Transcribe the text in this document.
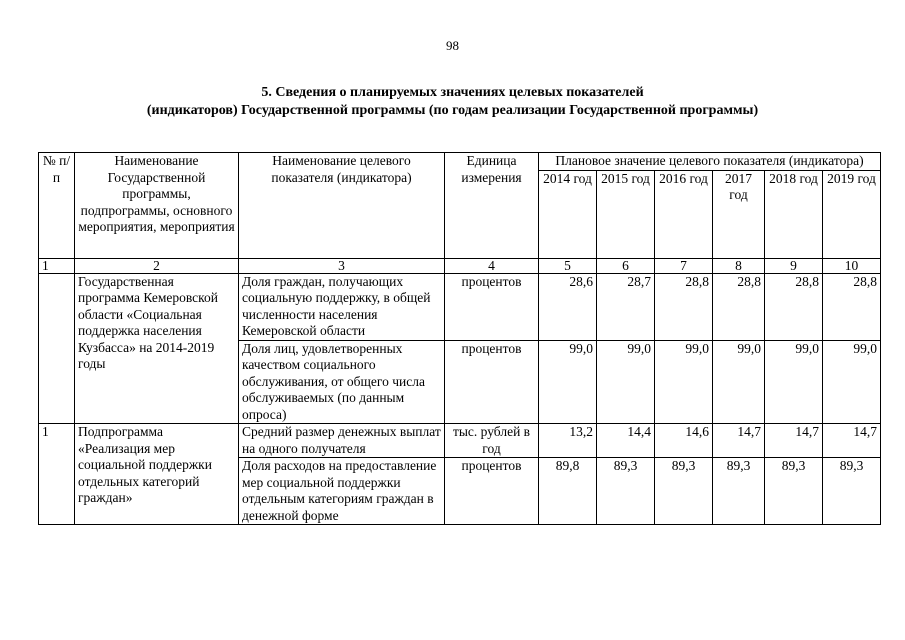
98
5. Сведения о планируемых значениях целевых показателей
(индикаторов) Государственной программы (по годам реализации Государственной программы)
№ п/п	Наименование Государственной программы, подпрограммы, основного мероприятия, мероприятия	Наименование целевого показателя (индикатора)	Единица измерения	Плановое значение целевого показателя (индикатора)					
				2014 год	2015 год	2016 год	2017 год	2018 год	2019 год
1	2	3	4	5	6	7	8	9	10
	Государственная программа Кемеровской области «Социальная поддержка населения Кузбасса» на 2014-2019 годы	Доля граждан, получающих социальную поддержку, в общей численности населения Кемеровской области	процентов	28,6	28,7	28,8	28,8	28,8	28,8
		Доля лиц, удовлетворенных качеством социального обслуживания, от общего числа обслуживаемых (по данным опроса)	процентов	99,0	99,0	99,0	99,0	99,0	99,0
1	Подпрограмма «Реализация мер социальной поддержки отдельных категорий граждан»	Средний размер денежных выплат на одного получателя	тыс. рублей в год	13,2	14,4	14,6	14,7	14,7	14,7
		Доля расходов на предоставление мер социальной поддержки отдельным категориям граждан в денежной форме	процентов	89,8	89,3	89,3	89,3	89,3	89,3
